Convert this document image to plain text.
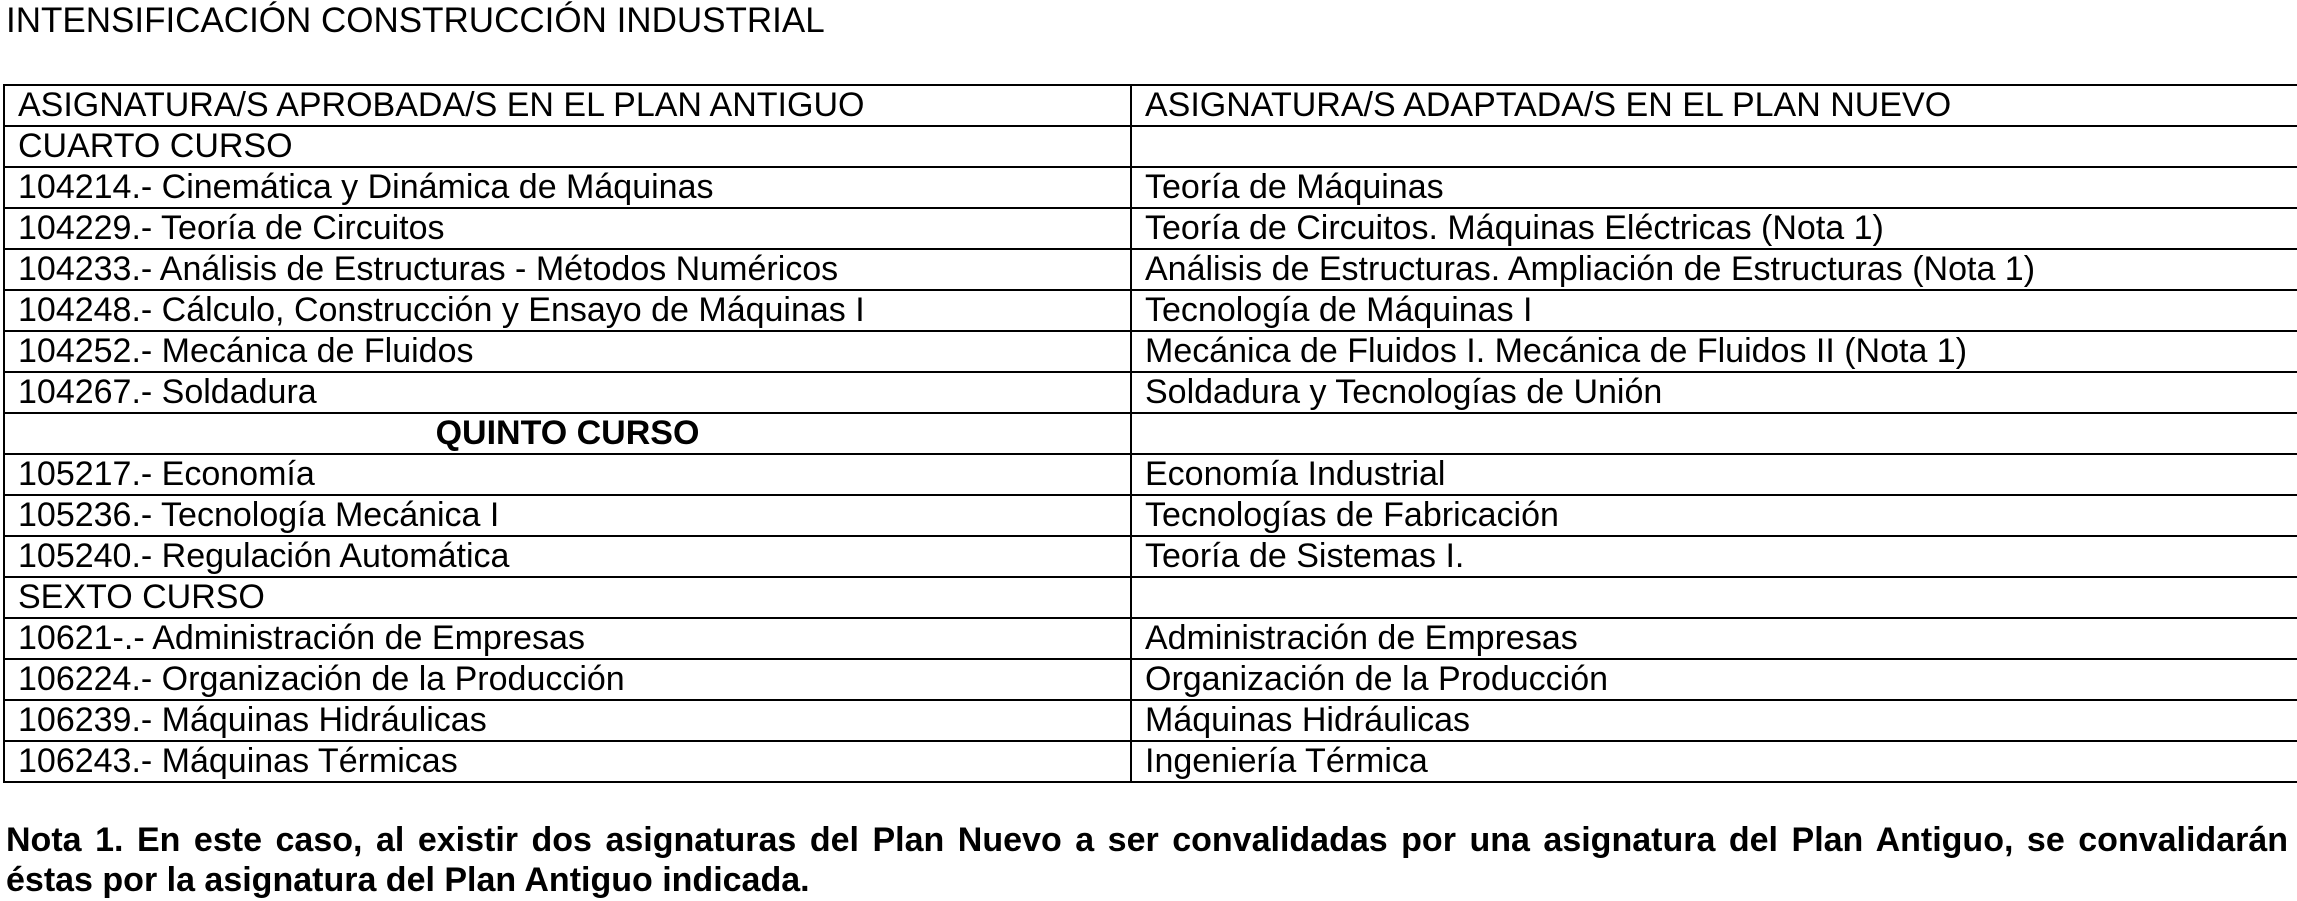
INTENSIFICACIÓN CONSTRUCCIÓN INDUSTRIAL
ASIGNATURA/S APROBADA/S EN EL PLAN ANTIGUO	ASIGNATURA/S ADAPTADA/S EN EL PLAN NUEVO
CUARTO CURSO	
104214.- Cinemática y Dinámica de Máquinas	Teoría de Máquinas
104229.- Teoría de Circuitos	Teoría de Circuitos. Máquinas Eléctricas (Nota 1)
104233.- Análisis de Estructuras - Métodos Numéricos	Análisis de Estructuras. Ampliación de Estructuras (Nota 1)
104248.- Cálculo, Construcción y Ensayo de Máquinas I	Tecnología de Máquinas I
104252.- Mecánica de Fluidos	Mecánica de Fluidos I. Mecánica de Fluidos II (Nota 1)
104267.- Soldadura	Soldadura y Tecnologías de Unión
QUINTO CURSO	
105217.- Economía	Economía Industrial
105236.- Tecnología Mecánica I	Tecnologías de Fabricación
105240.- Regulación Automática	Teoría de Sistemas I.
SEXTO CURSO	
10621-.- Administración de Empresas	Administración de Empresas
106224.- Organización de la Producción	Organización de la Producción
106239.- Máquinas Hidráulicas	Máquinas Hidráulicas
106243.- Máquinas Térmicas	Ingeniería Térmica
Nota 1. En este caso, al existir dos asignaturas del Plan Nuevo a ser convalidadas por una asignatura del Plan Antiguo, se convalidarán éstas por la asignatura del Plan Antiguo indicada.
